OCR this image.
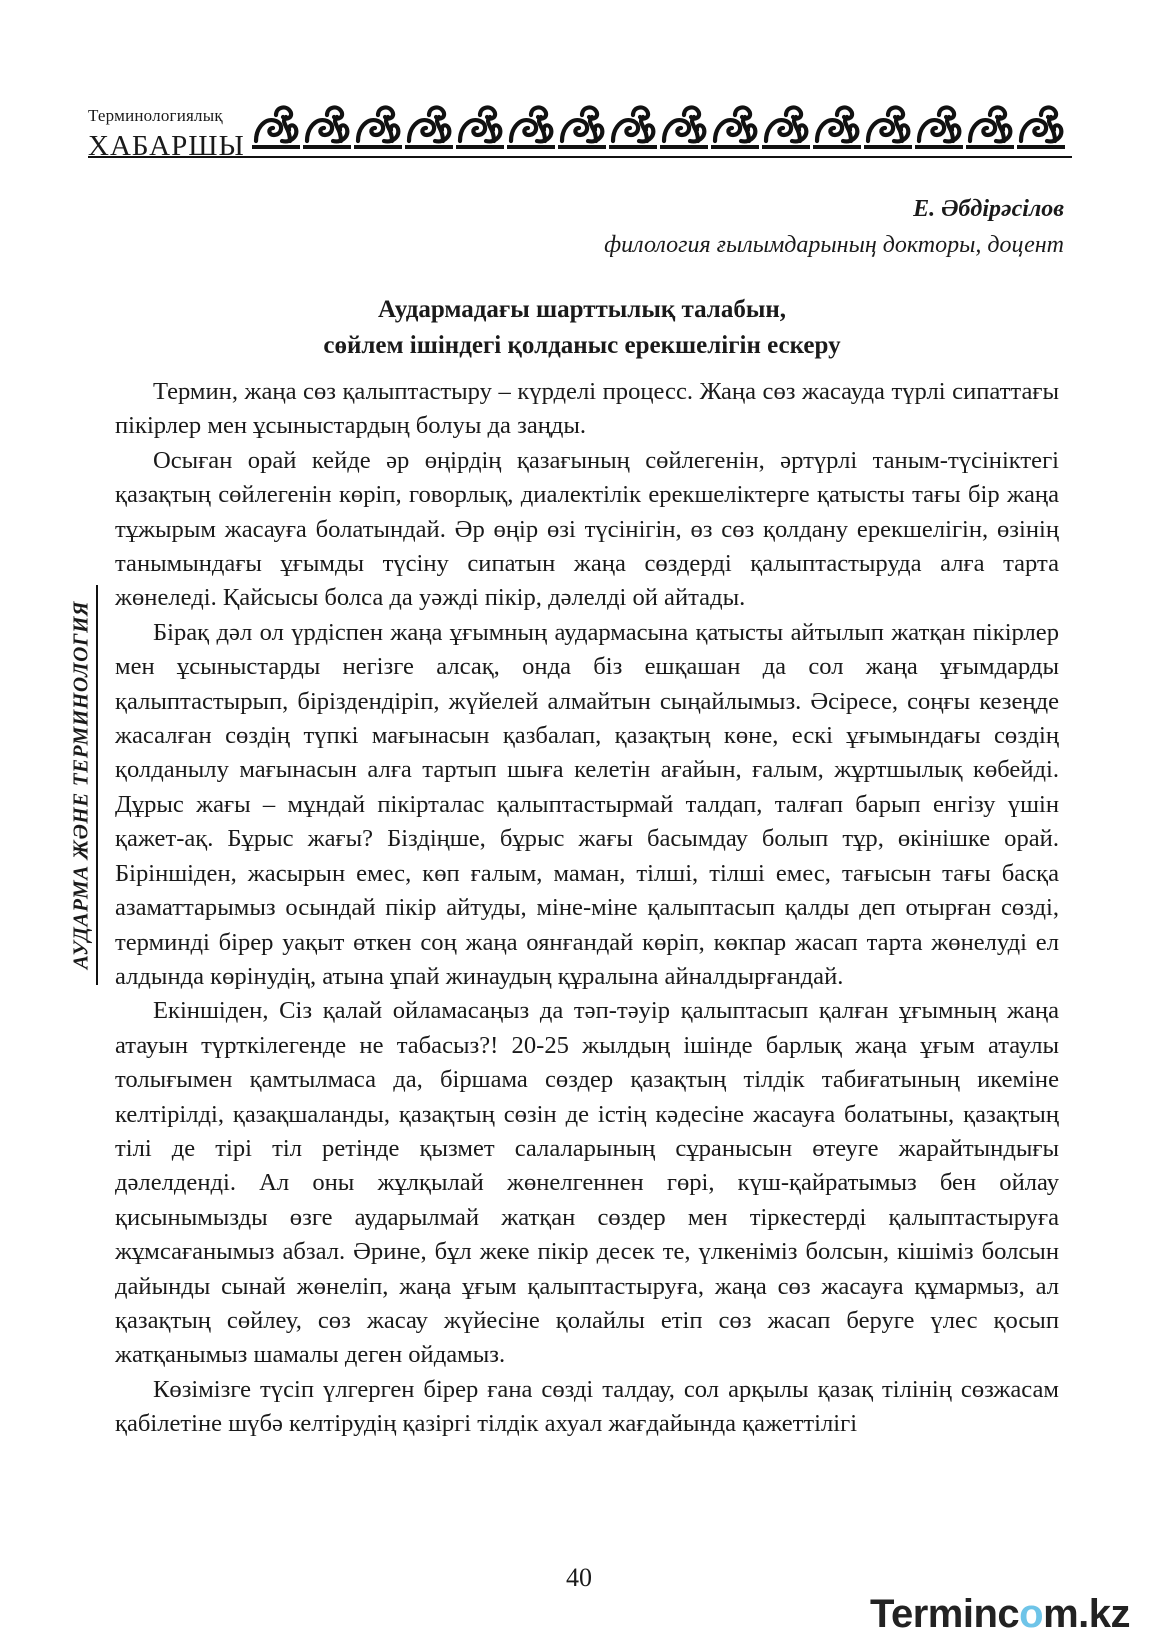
Терминологиялық
ХАБАРШЫ
Е. Әбдірәсілов
филология ғылымдарының докторы, доцент
Аудармадағы шарттылық талабын,
сөйлем ішіндегі қолданыс ерекшелігін ескеру
АУДАРМА ЖӘНЕ ТЕРМИНОЛОГИЯ

Термин, жаңа сөз қалыптастыру – күрделі процесс. Жаңа сөз жасауда түрлі сипаттағы пікірлер мен ұсыныстардың болуы да заңды.

Осыған орай кейде әр өңірдің қазағының сөйлегенін, әртүрлі таным-түсініктегі қазақтың сөйлегенін көріп, говорлық, диалектілік ерекшеліктерге қатысты тағы бір жаңа тұжырым жасауға болатындай. Әр өңір өзі түсінігін, өз сөз қолдану ерекшелігін, өзінің танымындағы ұғымды түсіну сипатын жаңа сөздерді қалыптастыруда алға тарта жөнеледі. Қайсысы болса да уәжді пікір, дәлелді ой айтады.

Бірақ дәл ол үрдіспен жаңа ұғымның аудармасына қатысты айтылып жатқан пікірлер мен ұсыныстарды негізге алсақ, онда біз ешқашан да сол жаңа ұғымдарды қалыптастырып, біріздендіріп, жүйелей алмайтын сыңайлымыз. Әсіресе, соңғы кезеңде жасалған сөздің түпкі мағынасын қазбалап, қазақтың көне, ескі ұғымындағы сөздің қолданылу мағынасын алға тартып шыға келетін ағайын, ғалым, жұртшылық көбейді. Дұрыс жағы – мұндай пікірталас қалыптастырмай талдап, талғап барып енгізу үшін қажет-ақ. Бұрыс жағы? Біздіңше, бұрыс жағы басымдау болып тұр, өкінішке орай. Біріншіден, жасырын емес, көп ғалым, маман, тілші, тілші емес, тағысын тағы басқа азаматтарымыз осындай пікір айтуды, міне-міне қалыптасып қалды деп отырған сөзді, терминді бірер уақыт өткен соң жаңа оянғандай көріп, көкпар жасап тарта жөнелуді ел алдында көрінудің, атына ұпай жинаудың құралына айналдырғандай.

Екіншіден, Сіз қалай ойламасаңыз да тәп-тәуір қалыптасып қалған ұғымның жаңа атауын түрткілегенде не табасыз?! 20-25 жылдың ішінде барлық жаңа ұғым атаулы толығымен қамтылмаса да, біршама сөздер қазақтың тілдік табиғатының икеміне келтірілді, қазақшаланды, қазақтың сөзін де істің кәдесіне жасауға болатыны, қазақтың тілі де тірі тіл ретінде қызмет салаларының сұранысын өтеуге жарайтындығы дәлелденді. Ал оны жұлқылай жөнелгеннен гөрі, күш-қайратымыз бен ойлау қисынымызды өзге аударылмай жатқан сөздер мен тіркестерді қалыптастыруға жұмсағанымыз абзал. Әрине, бұл жеке пікір десек те, үлкеніміз болсын, кішіміз болсын дайынды сынай жөнеліп, жаңа ұғым қалыптастыруға, жаңа сөз жасауға құмармыз, ал қазақтың сөйлеу, сөз жасау жүйесіне қолайлы етіп сөз жасап беруге үлес қосып жатқанымыз шамалы деген ойдамыз.

Көзімізге түсіп үлгерген бірер ғана сөзді талдау, сол арқылы қазақ тілінің сөзжасам қабілетіне шүбә келтірудің қазіргі тілдік ахуал жағдайында қажеттілігі

40
Termincom.kz
